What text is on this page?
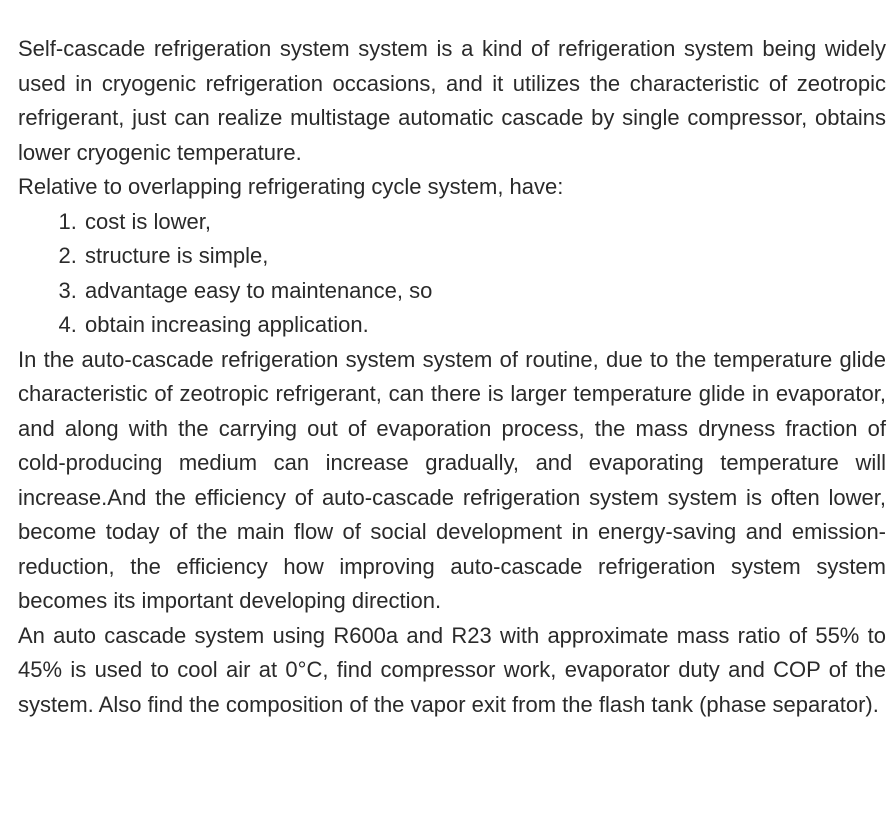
Self-cascade refrigeration system system is a kind of refrigeration system being widely used in cryogenic refrigeration occasions, and it utilizes the characteristic of zeotropic refrigerant, just can realize multistage automatic cascade by single compressor, obtains lower cryogenic temperature.

Relative to overlapping refrigerating cycle system, have:

1. cost is lower,
2. structure is simple,
3. advantage easy to maintenance, so
4. obtain increasing application.

In the auto-cascade refrigeration system system of routine, due to the temperature glide characteristic of zeotropic refrigerant, can there is larger temperature glide in evaporator, and along with the carrying out of evaporation process, the mass dryness fraction of cold-producing medium can increase gradually, and evaporating temperature will increase.And the efficiency of auto-cascade refrigeration system system is often lower, become today of the main flow of social development in energy-saving and emission-reduction, the efficiency how improving auto-cascade refrigeration system system becomes its important developing direction.

An auto cascade system using R600a and R23 with approximate mass ratio of 55% to 45% is used to cool air at 0°C, find compressor work, evaporator duty and COP of the system. Also find the composition of the vapor exit from the flash tank (phase separator).
